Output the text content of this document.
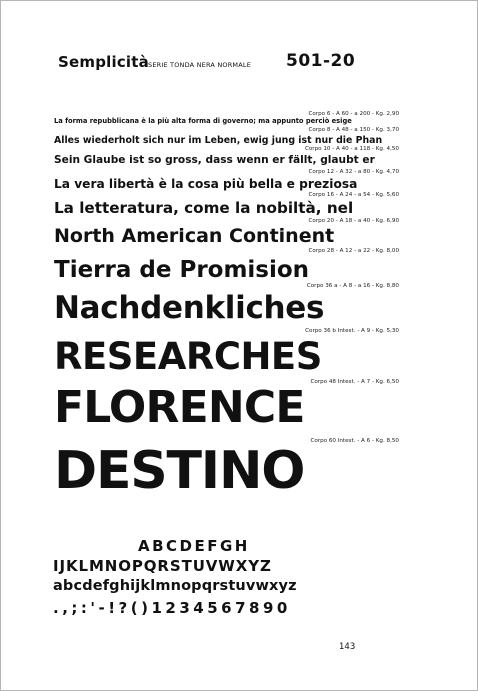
Semplicità SERIE TONDA NERA NORMALE 501-20
Corpo 6 - A 60 - a 200 - Kg. 2,90
La forma repubblicana è la più alta forma di governo; ma appunto perciò esige
Corpo 8 - A 48 - a 150 - Kg. 3,70
Alles wiederholt sich nur im Leben, ewig jung ist nur die Phan
Corpo 10 - A 40 - a 118 - Kg. 4,50
Sein Glaube ist so gross, dass wenn er fällt, glaubt er
Corpo 12 - A 32 - a 80 - Kg. 4,70
La vera libertà è la cosa più bella e preziosa
Corpo 16 - A 24 - a 54 - Kg. 5,60
La letteratura, come la nobiltà, nel
Corpo 20 - A 18 - a 40 - Kg. 6,90
North American Continent
Corpo 28 - A 12 - a 22 - Kg. 8,00
Tierra de Promision
Corpo 36 a - A 8 - a 16 - Kg. 8,80
Nachdenkliches
Corpo 36 b Intest. - A 9 - Kg. 5,30
RESEARCHES
Corpo 48 Intest. - A 7 - Kg. 6,50
FLORENCE
Corpo 60 Intest. - A 6 - Kg. 8,50
DESTINO
ABCDEFGH
IJKLMNOPQRSTUVWXYZ
abcdefghijklmnopqrstuvwxyz
.,;:'-!?()1234567890
143
